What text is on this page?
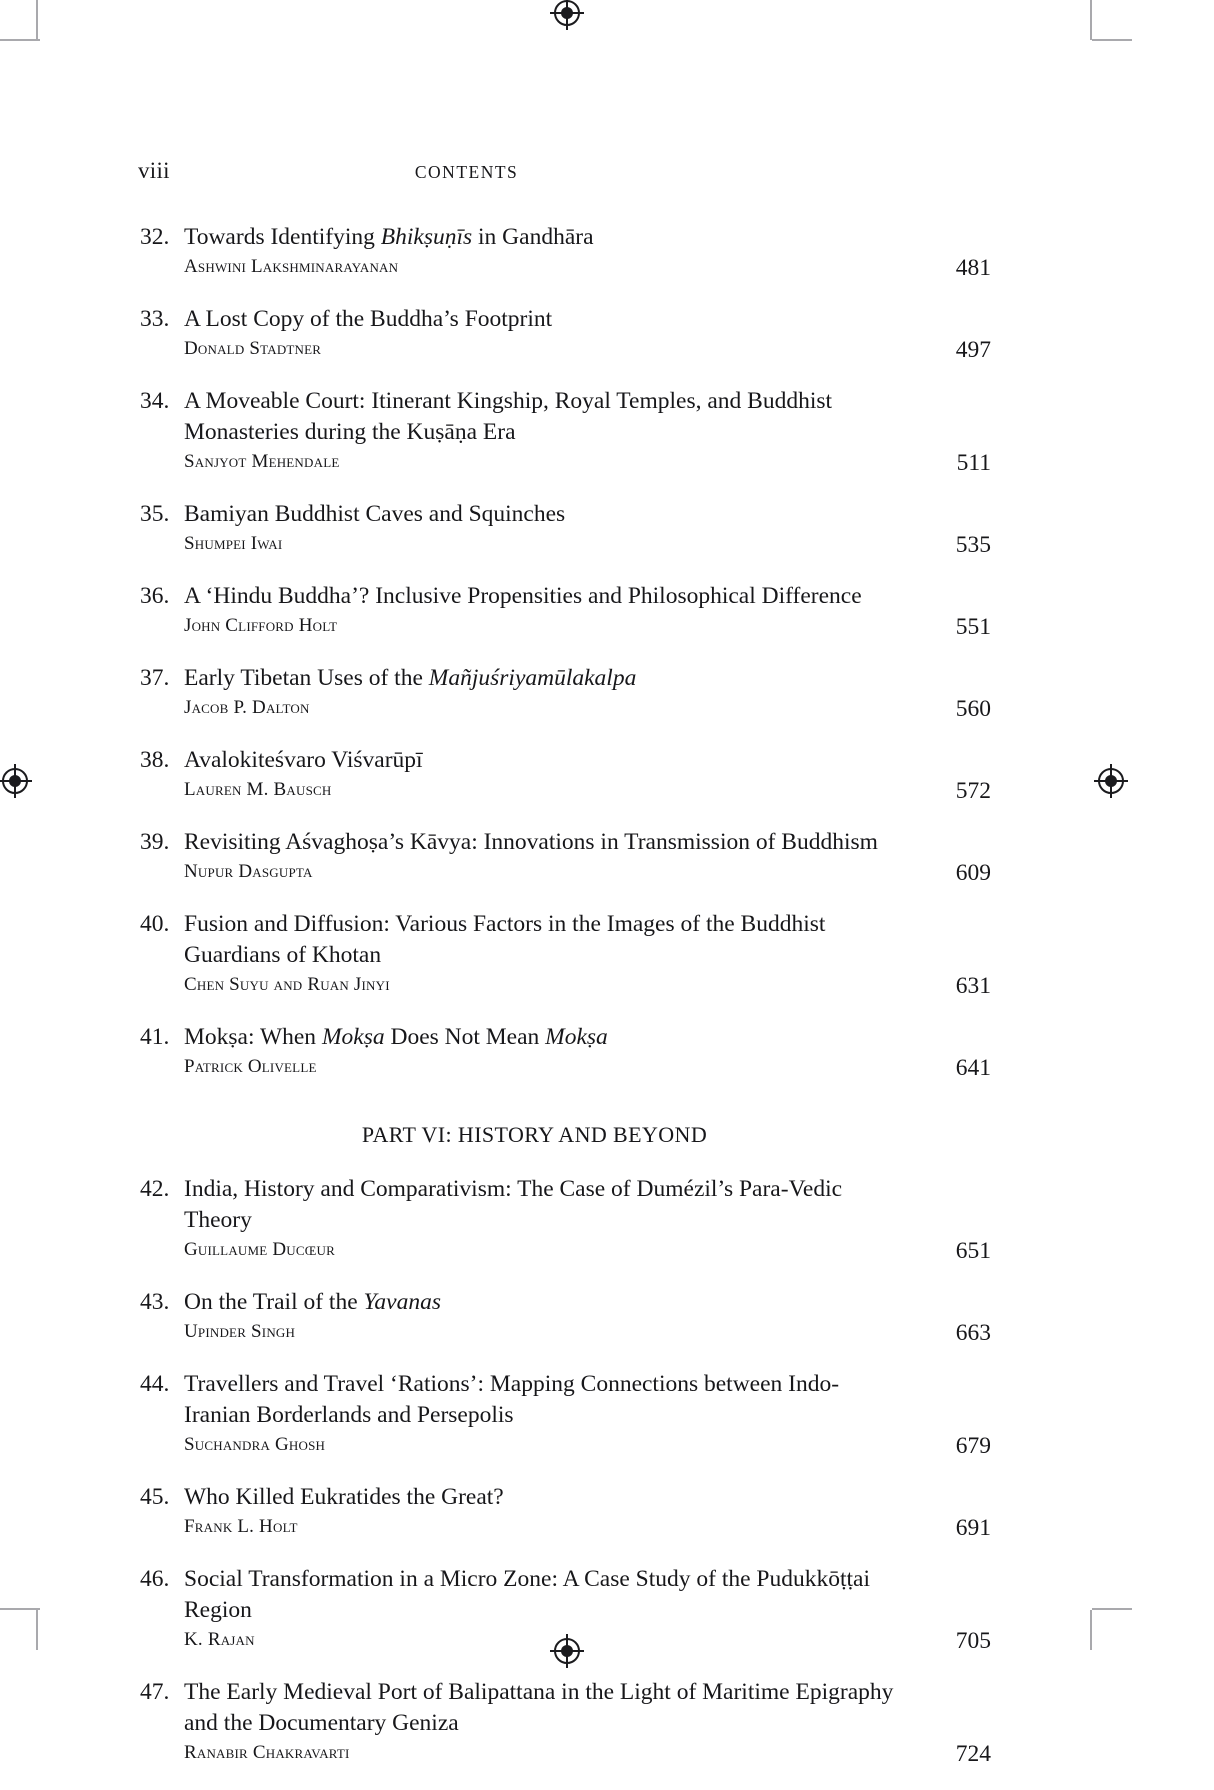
viii	CONTENTS
32. Towards Identifying Bhikṣuṇīs in Gandhāra

Ashwini Lakshminarayanan	481
33. A Lost Copy of the Buddha’s Footprint

Donald Stadtner	497
34. A Moveable Court: Itinerant Kingship, Royal Temples, and Buddhist Monasteries during the Kuṣāṇa Era

Sanjyot Mehendale	511
35. Bamiyan Buddhist Caves and Squinches

Shumpei Iwai	535
36. A ‘Hindu Buddha’? Inclusive Propensities and Philosophical Difference

John Clifford Holt	551
37. Early Tibetan Uses of the Mañjuśriyamūlakalpa

Jacob P. Dalton	560
38. Avalokiteśvaro Viśvarūpī

Lauren M. Bausch	572
39. Revisiting Aśvaghoṣa’s Kāvya: Innovations in Transmission of Buddhism

Nupur Dasgupta	609
40. Fusion and Diffusion: Various Factors in the Images of the Buddhist Guardians of Khotan

Chen Suyu and Ruan Jinyi	631
41. Mokṣa: When Mokṣa Does Not Mean Mokṣa

Patrick Olivelle	641
PART VI: HISTORY AND BEYOND
42. India, History and Comparativism: The Case of Dumézil’s Para-Vedic Theory

Guillaume Ducœur	651
43. On the Trail of the Yavanas

Upinder Singh	663
44. Travellers and Travel ‘Rations’: Mapping Connections between Indo-Iranian Borderlands and Persepolis

Suchandra Ghosh	679
45. Who Killed Eukratides the Great?

Frank L. Holt	691
46. Social Transformation in a Micro Zone: A Case Study of the Pudukkōṭṭai Region

K. Rajan	705
47. The Early Medieval Port of Balipattana in the Light of Maritime Epigraphy and the Documentary Geniza

Ranabir Chakravarti	724
